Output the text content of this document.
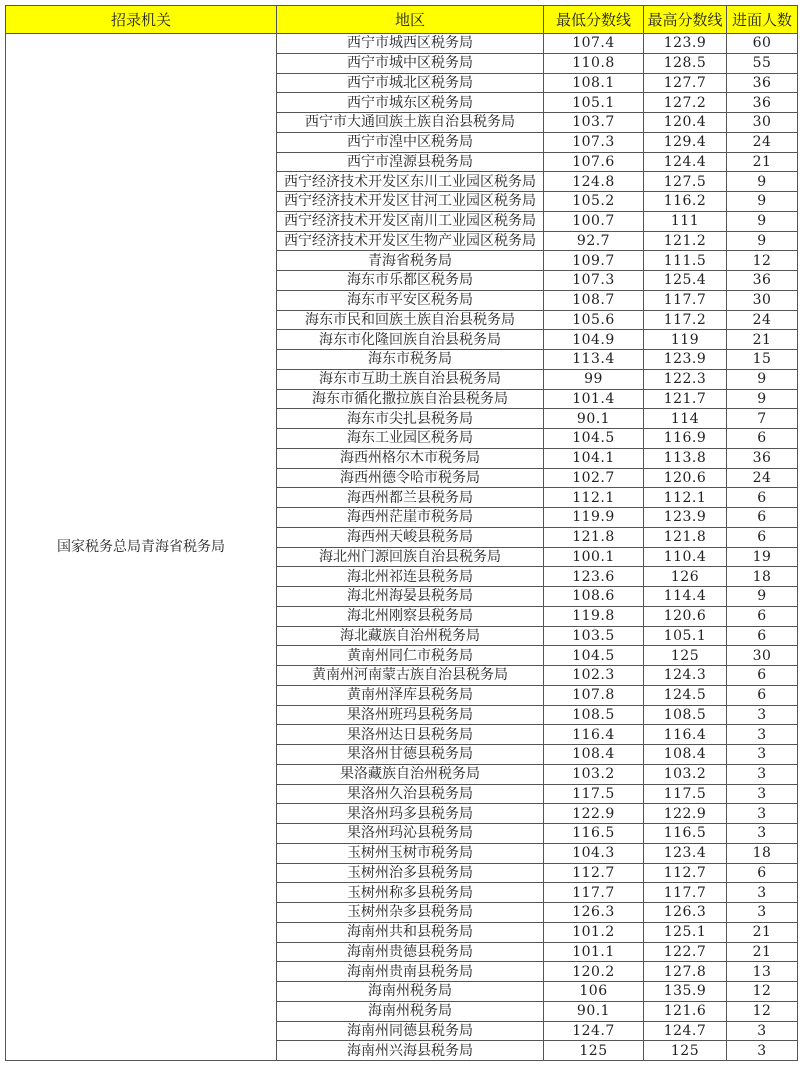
招录机关	地区	最低分数线	最高分数线	进面人数
国家税务总局青海省税务局	西宁市城西区税务局	107.4	123.9	60
	西宁市城中区税务局	110.8	128.5	55
	西宁市城北区税务局	108.1	127.7	36
	西宁市城东区税务局	105.1	127.2	36
	西宁市大通回族土族自治县税务局	103.7	120.4	30
	西宁市湟中区税务局	107.3	129.4	24
	西宁市湟源县税务局	107.6	124.4	21
	西宁经济技术开发区东川工业园区税务局	124.8	127.5	9
	西宁经济技术开发区甘河工业园区税务局	105.2	116.2	9
	西宁经济技术开发区南川工业园区税务局	100.7	111	9
	西宁经济技术开发区生物产业园区税务局	92.7	121.2	9
	青海省税务局	109.7	111.5	12
	海东市乐都区税务局	107.3	125.4	36
	海东市平安区税务局	108.7	117.7	30
	海东市民和回族土族自治县税务局	105.6	117.2	24
	海东市化隆回族自治县税务局	104.9	119	21
	海东市税务局	113.4	123.9	15
	海东市互助土族自治县税务局	99	122.3	9
	海东市循化撒拉族自治县税务局	101.4	121.7	9
	海东市尖扎县税务局	90.1	114	7
	海东工业园区税务局	104.5	116.9	6
	海西州格尔木市税务局	104.1	113.8	36
	海西州德令哈市税务局	102.7	120.6	24
	海西州都兰县税务局	112.1	112.1	6
	海西州茫崖市税务局	119.9	123.9	6
	海西州天峻县税务局	121.8	121.8	6
	海北州门源回族自治县税务局	100.1	110.4	19
	海北州祁连县税务局	123.6	126	18
	海北州海晏县税务局	108.6	114.4	9
	海北州刚察县税务局	119.8	120.6	6
	海北藏族自治州税务局	103.5	105.1	6
	黄南州同仁市税务局	104.5	125	30
	黄南州河南蒙古族自治县税务局	102.3	124.3	6
	黄南州泽库县税务局	107.8	124.5	6
	果洛州班玛县税务局	108.5	108.5	3
	果洛州达日县税务局	116.4	116.4	3
	果洛州甘德县税务局	108.4	108.4	3
	果洛藏族自治州税务局	103.2	103.2	3
	果洛州久治县税务局	117.5	117.5	3
	果洛州玛多县税务局	122.9	122.9	3
	果洛州玛沁县税务局	116.5	116.5	3
	玉树州玉树市税务局	104.3	123.4	18
	玉树州治多县税务局	112.7	112.7	6
	玉树州称多县税务局	117.7	117.7	3
	玉树州杂多县税务局	126.3	126.3	3
	海南州共和县税务局	101.2	125.1	21
	海南州贵德县税务局	101.1	122.7	21
	海南州贵南县税务局	120.2	127.8	13
	海南州税务局	106	135.9	12
	海南州税务局	90.1	121.6	12
	海南州同德县税务局	124.7	124.7	3
	海南州兴海县税务局	125	125	3
